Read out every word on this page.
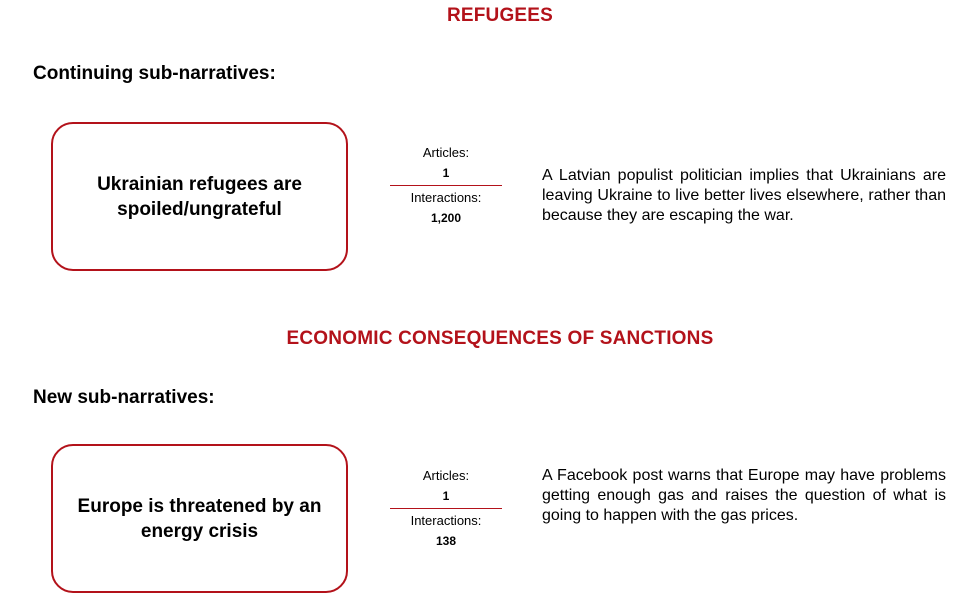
REFUGEES
Continuing sub-narratives:
Ukrainian refugees are spoiled/ungrateful
Articles:
1
Interactions:
1,200
A Latvian populist politician implies that Ukrainians are leaving Ukraine to live better lives elsewhere, rather than because they are escaping the war.
ECONOMIC CONSEQUENCES OF SANCTIONS
New sub-narratives:
Europe is threatened by an energy crisis
Articles:
1
Interactions:
138
A Facebook post warns that Europe may have problems getting enough gas and raises the question of what is going to happen with the gas prices.
